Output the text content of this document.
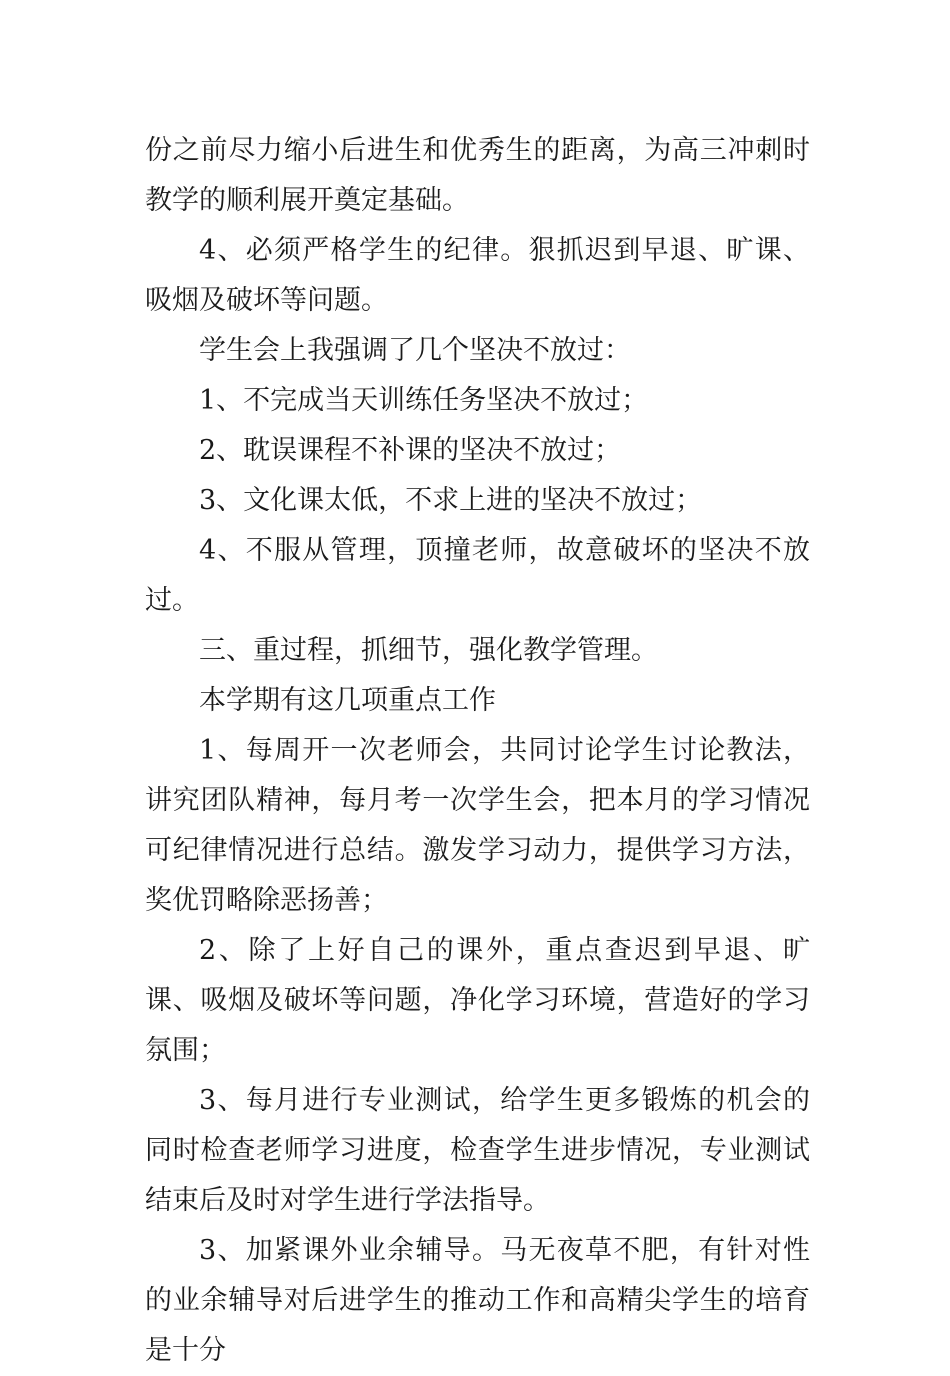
份之前尽力缩小后进生和优秀生的距离，为高三冲刺时教学的顺利展开奠定基础。

4、必须严格学生的纪律。狠抓迟到早退、旷课、吸烟及破坏等问题。

学生会上我强调了几个坚决不放过：

1、不完成当天训练任务坚决不放过；

2、耽误课程不补课的坚决不放过；

3、文化课太低，不求上进的坚决不放过；

4、不服从管理，顶撞老师，故意破坏的坚决不放过。

三、重过程，抓细节，强化教学管理。

本学期有这几项重点工作

1、每周开一次老师会，共同讨论学生讨论教法，讲究团队精神，每月考一次学生会，把本月的学习情况可纪律情况进行总结。激发学习动力，提供学习方法，奖优罚略除恶扬善；

2、除了上好自己的课外，重点查迟到早退、旷课、吸烟及破坏等问题，净化学习环境，营造好的学习氛围；

3、每月进行专业测试，给学生更多锻炼的机会的同时检查老师学习进度，检查学生进步情况，专业测试结束后及时对学生进行学法指导。

3、加紧课外业余辅导。马无夜草不肥，有针对性的业余辅导对后进学生的推动工作和高精尖学生的培育是十分
